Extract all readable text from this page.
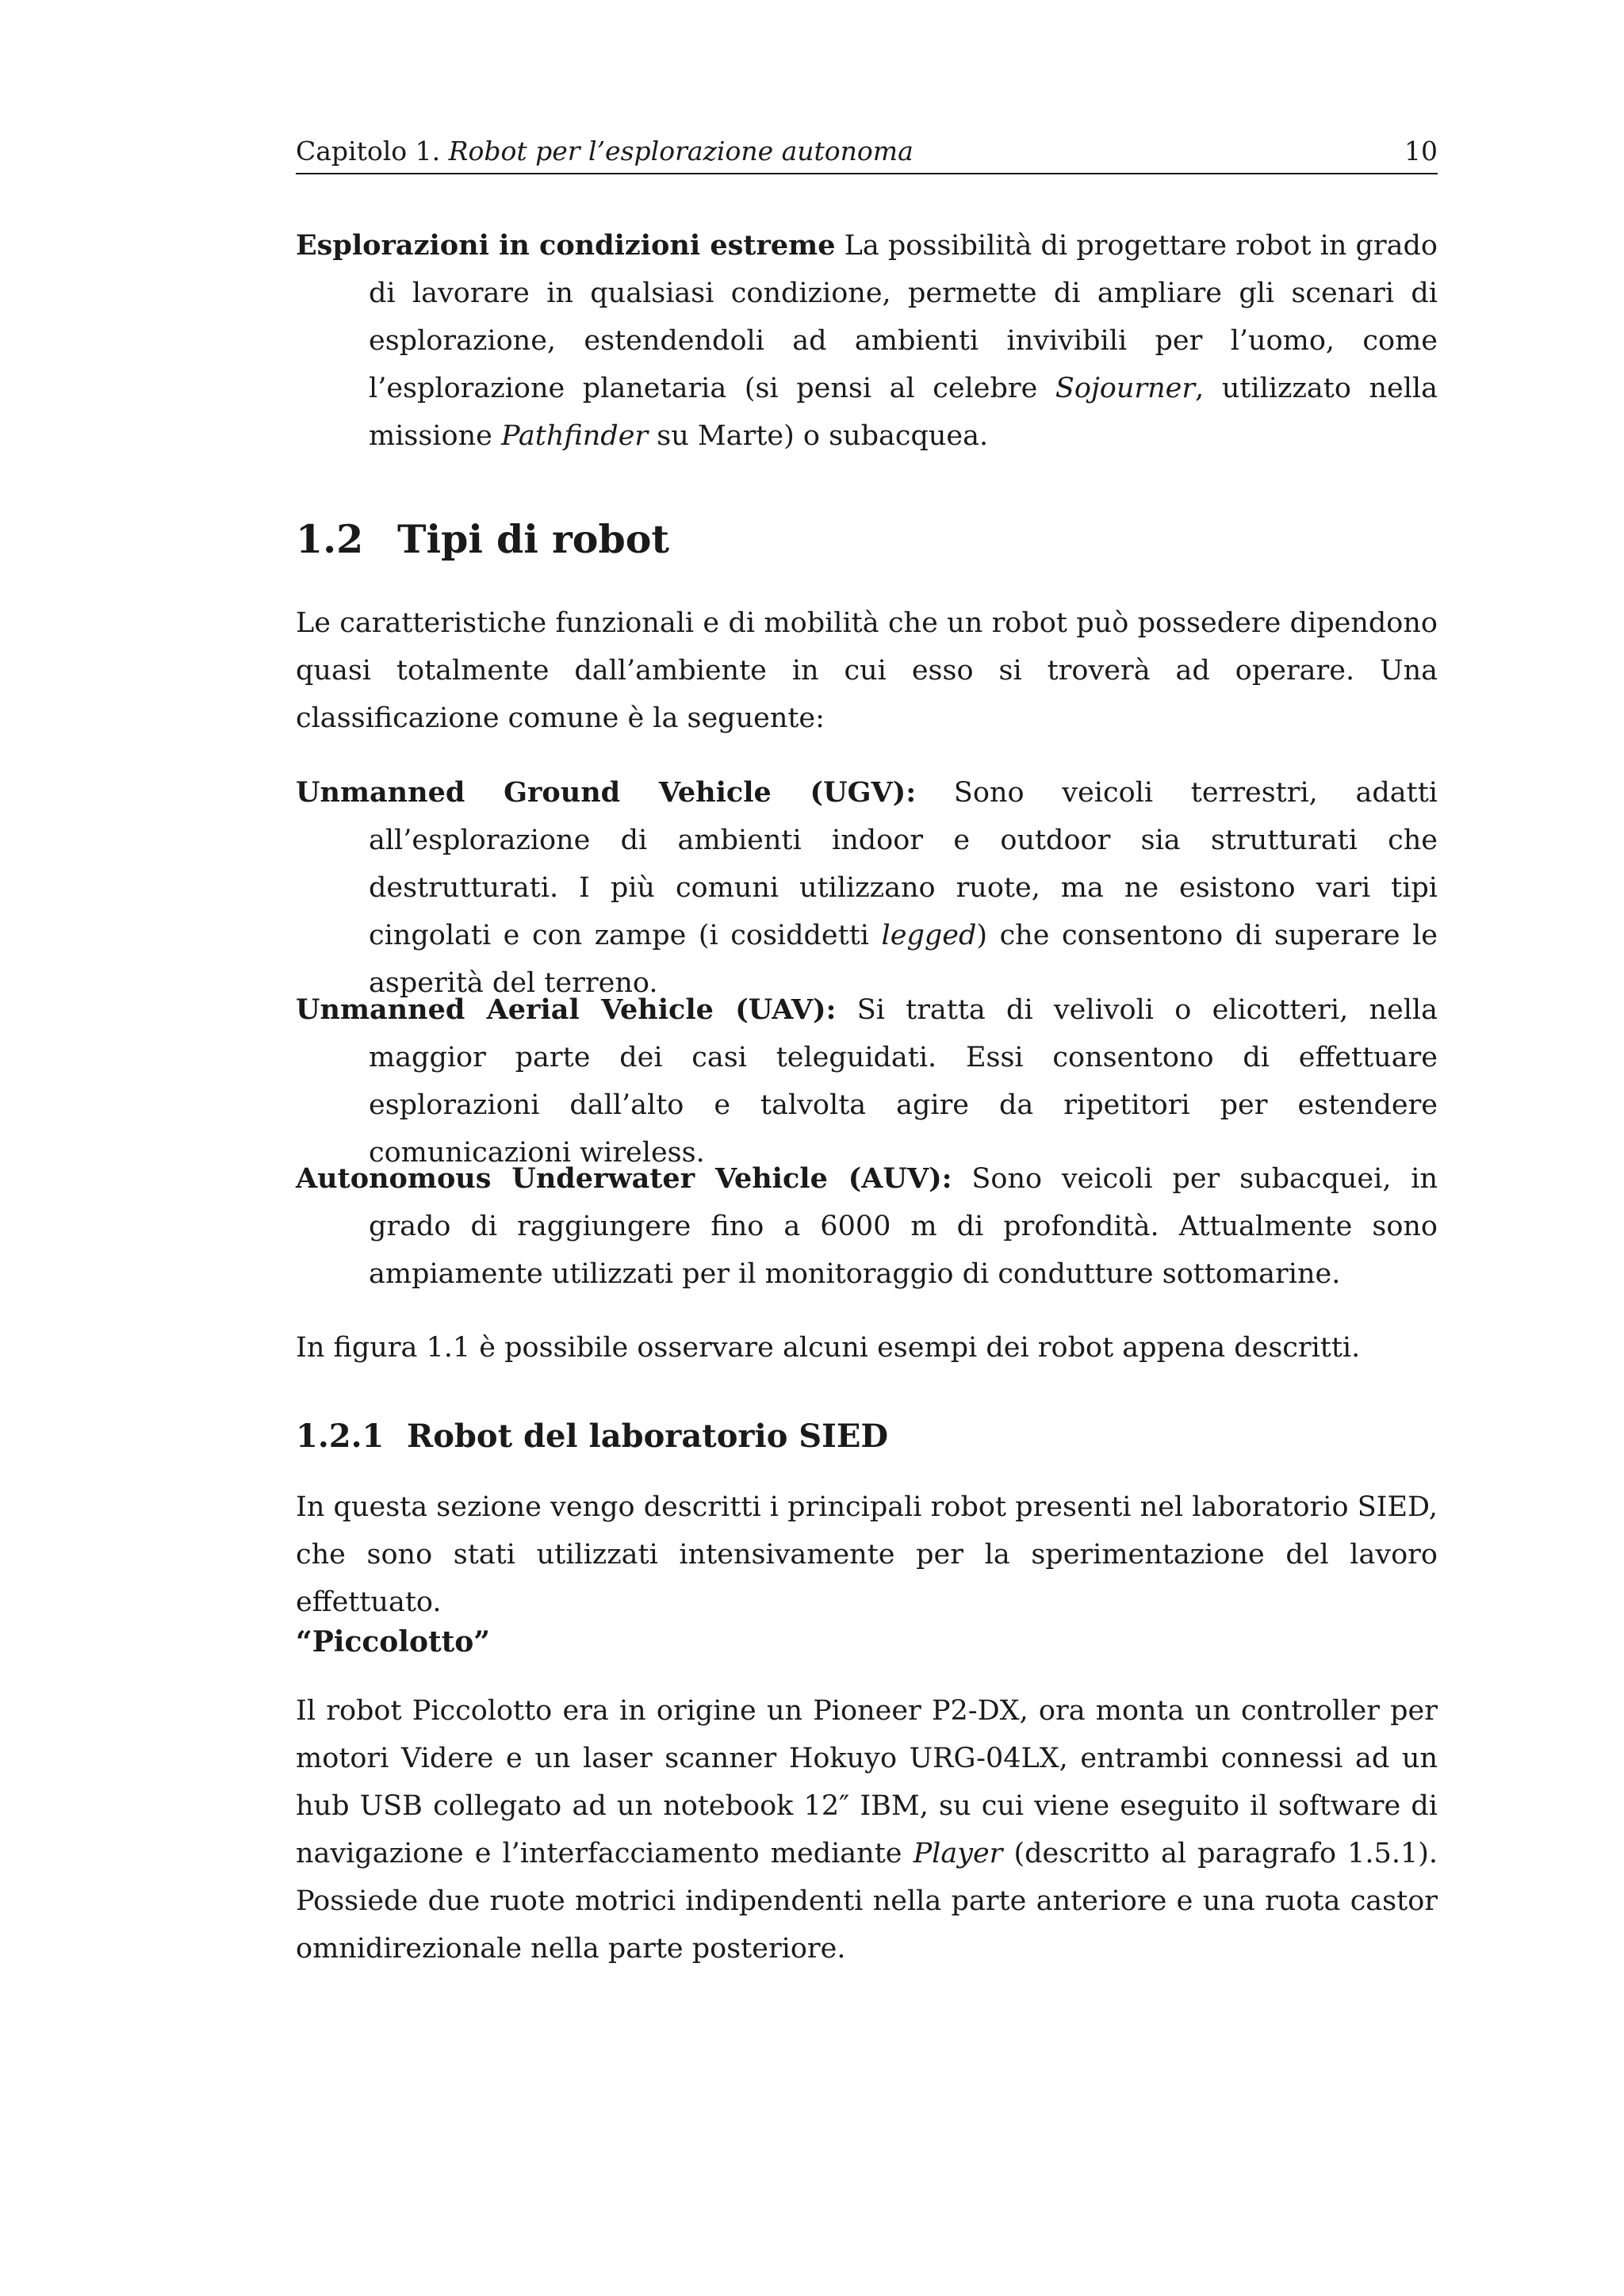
Capitolo 1. Robot per l’esplorazione autonoma	10

Esplorazioni in condizioni estreme La possibilità di progettare robot in grado di lavorare in qualsiasi condizione, permette di ampliare gli scenari di esplorazione, estendendoli ad ambienti invivibili per l’uomo, come l’esplorazione planetaria (si pensi al celebre Sojourner, utilizzato nella missione Pathfinder su Marte) o subacquea.

1.2 Tipi di robot

Le caratteristiche funzionali e di mobilità che un robot può possedere dipendono quasi totalmente dall’ambiente in cui esso si troverà ad operare. Una classificazione comune è la seguente:

Unmanned Ground Vehicle (UGV): Sono veicoli terrestri, adatti all’esplorazione di ambienti indoor e outdoor sia strutturati che destrutturati. I più comuni utilizzano ruote, ma ne esistono vari tipi cingolati e con zampe (i cosiddetti legged) che consentono di superare le asperità del terreno.

Unmanned Aerial Vehicle (UAV): Si tratta di velivoli o elicotteri, nella maggior parte dei casi teleguidati. Essi consentono di effettuare esplorazioni dall’alto e talvolta agire da ripetitori per estendere comunicazioni wireless.

Autonomous Underwater Vehicle (AUV): Sono veicoli per subacquei, in grado di raggiungere fino a 6000 m di profondità. Attualmente sono ampiamente utilizzati per il monitoraggio di condutture sottomarine.

In figura 1.1 è possibile osservare alcuni esempi dei robot appena descritti.

1.2.1 Robot del laboratorio SIED

In questa sezione vengo descritti i principali robot presenti nel laboratorio SIED, che sono stati utilizzati intensivamente per la sperimentazione del lavoro effettuato.

“Piccolotto”

Il robot Piccolotto era in origine un Pioneer P2-DX, ora monta un controller per motori Videre e un laser scanner Hokuyo URG-04LX, entrambi connessi ad un hub USB collegato ad un notebook 12″ IBM, su cui viene eseguito il software di navigazione e l’interfacciamento mediante Player (descritto al paragrafo 1.5.1). Possiede due ruote motrici indipendenti nella parte anteriore e una ruota castor omnidirezionale nella parte posteriore.
